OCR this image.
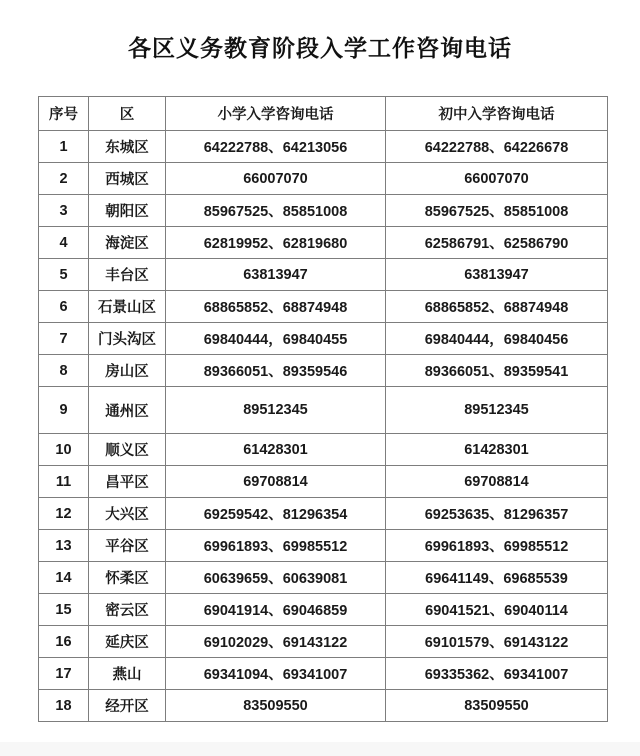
各区义务教育阶段入学工作咨询电话
序号	区	小学入学咨询电话	初中入学咨询电话
1	东城区	64222788、64213056	64222788、64226678
2	西城区	66007070	66007070
3	朝阳区	85967525、85851008	85967525、85851008
4	海淀区	62819952、62819680	62586791、62586790
5	丰台区	63813947	63813947
6	石景山区	68865852、68874948	68865852、68874948
7	门头沟区	69840444，69840455	69840444，69840456
8	房山区	89366051、89359546	89366051、89359541
9	通州区	89512345	89512345
10	顺义区	61428301	61428301
11	昌平区	69708814	69708814
12	大兴区	69259542、81296354	69253635、81296357
13	平谷区	69961893、69985512	69961893、69985512
14	怀柔区	60639659、60639081	69641149、69685539
15	密云区	69041914、69046859	69041521、69040114
16	延庆区	69102029、69143122	69101579、69143122
17	燕山	69341094、69341007	69335362、69341007
18	经开区	83509550	83509550
